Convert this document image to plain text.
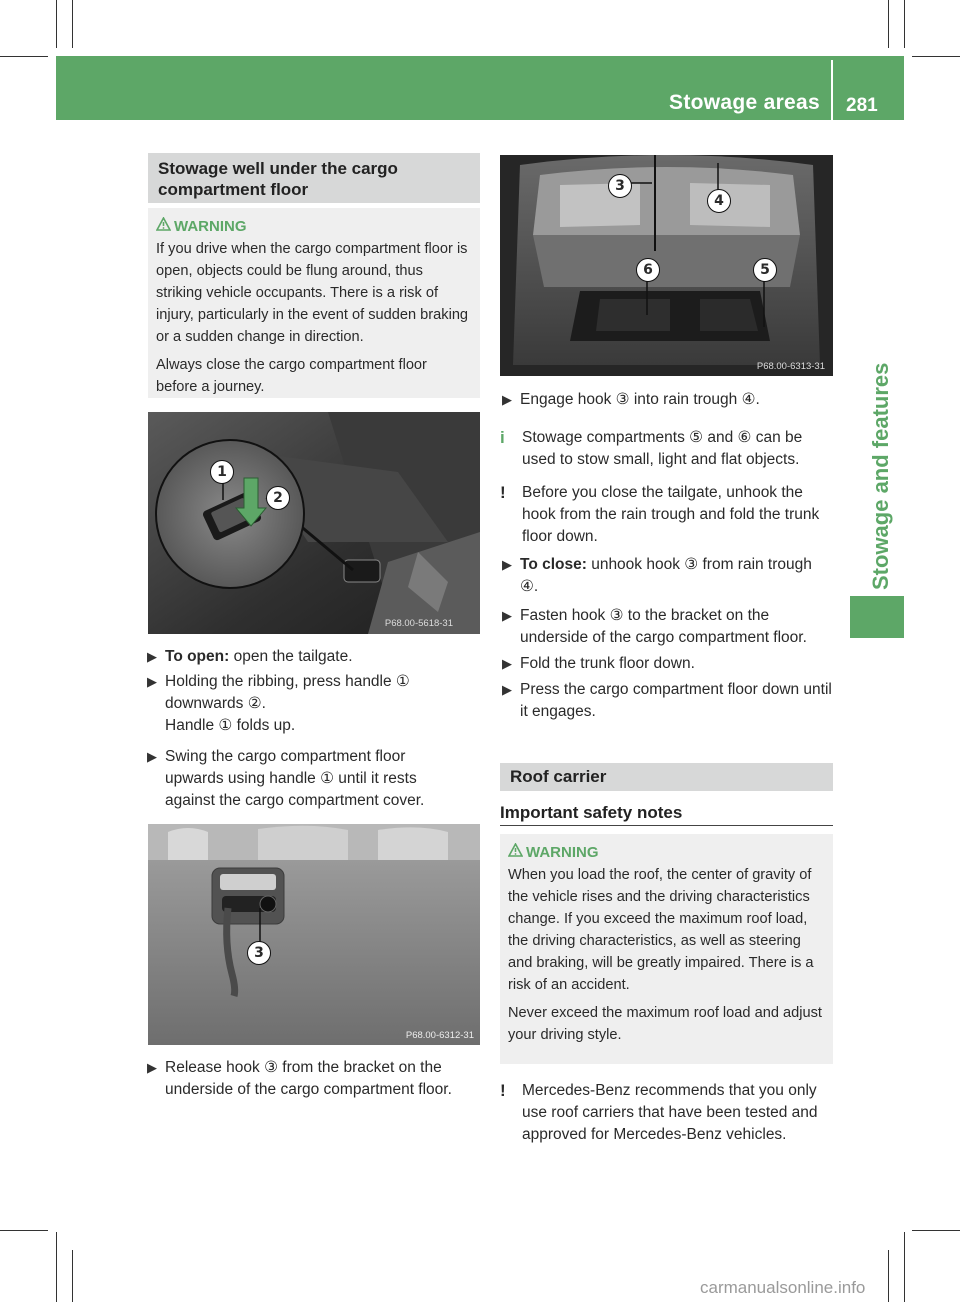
Stowage areas 281
Stowage and features
Stowage well under the cargo compartment floor
WARNING

If you drive when the cargo compartment floor is open, objects could be flung around, thus striking vehicle occupants. There is a risk of injury, particularly in the event of sudden braking or a sudden change in direction.

Always close the cargo compartment floor before a journey.

P68.00-5618-31
1
2
▶ To open: open the tailgate.
▶ Holding the ribbing, press handle ① downwards ②.
Handle ① folds up.
▶ Swing the cargo compartment floor upwards using handle ① until it rests against the cargo compartment cover.
P68.00-6312-31
3
▶ Release hook ③ from the bracket on the underside of the cargo compartment floor.
P68.00-6313-31
3
4
6	5
▶ Engage hook ③ into rain trough ④.
i Stowage compartments ⑤ and ⑥ can be used to stow small, light and flat objects.
! Before you close the tailgate, unhook the hook from the rain trough and fold the trunk floor down.
▶ To close: unhook hook ③ from rain trough ④.
▶ Fasten hook ③ to the bracket on the underside of the cargo compartment floor.
▶ Fold the trunk floor down.
▶ Press the cargo compartment floor down until it engages.
Roof carrier
Important safety notes
WARNING

When you load the roof, the center of gravity of the vehicle rises and the driving characteristics change. If you exceed the maximum roof load, the driving characteristics, as well as steering and braking, will be greatly impaired. There is a risk of an accident.

Never exceed the maximum roof load and adjust your driving style.

! Mercedes-Benz recommends that you only use roof carriers that have been tested and approved for Mercedes-Benz vehicles.
carmanualsonline.info
